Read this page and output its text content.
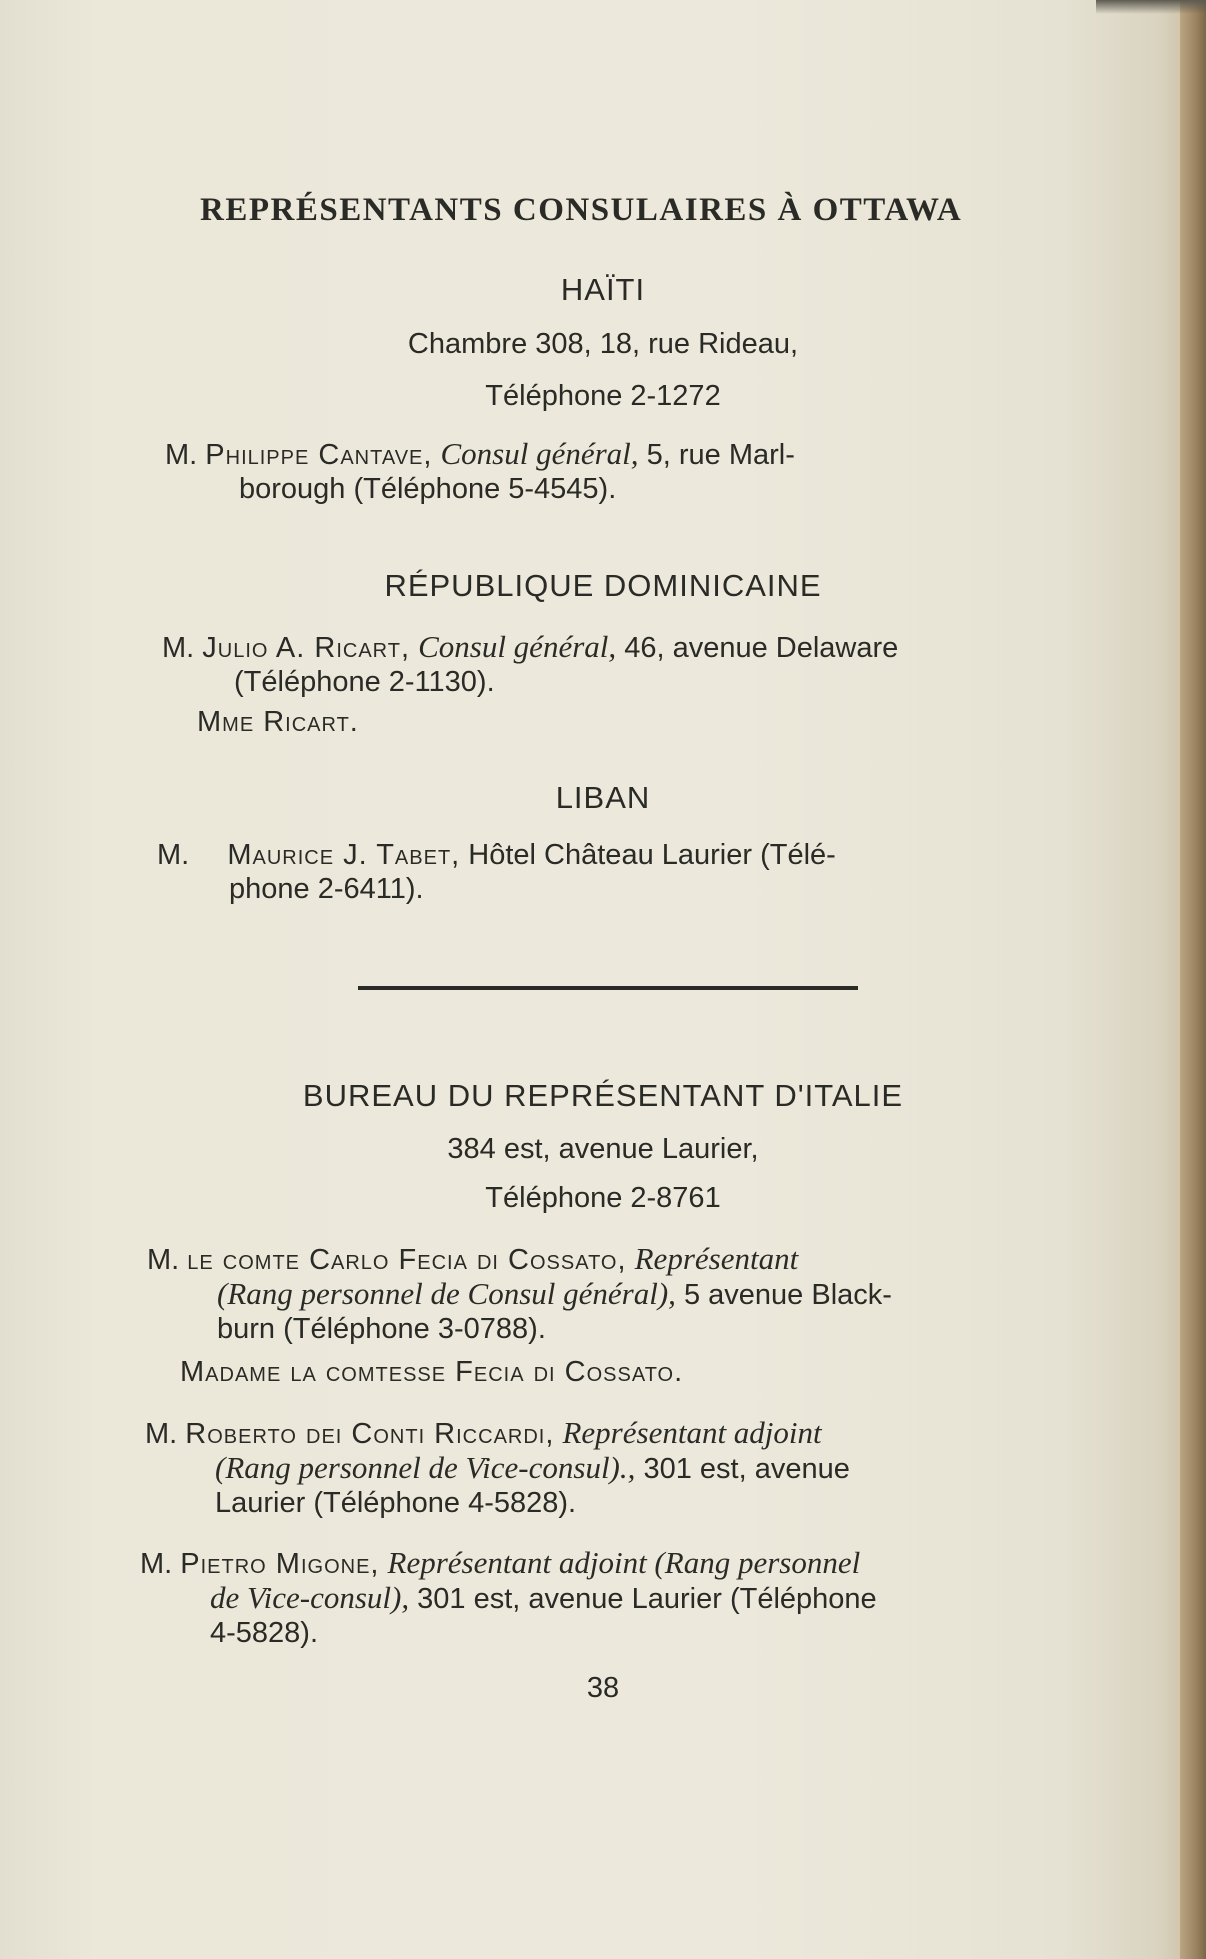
REPRÉSENTANTS CONSULAIRES À OTTAWA
HAÏTI
Chambre 308, 18, rue Rideau,
Téléphone 2-1272
M. Philippe Cantave, Consul général, 5, rue Marl-
borough (Téléphone 5-4545).
RÉPUBLIQUE DOMINICAINE
M. Julio A. Ricart, Consul général, 46, avenue Delaware
(Téléphone 2-1130).
Mme Ricart.
LIBAN
M. Maurice J. Tabet, Hôtel Château Laurier (Télé-
phone 2-6411).
BUREAU DU REPRÉSENTANT D'ITALIE
384 est, avenue Laurier,
Téléphone 2-8761
M. le comte Carlo Fecia di Cossato, Représentant
(Rang personnel de Consul général), 5 avenue Black-
burn (Téléphone 3-0788).
Madame la comtesse Fecia di Cossato.
M. Roberto dei Conti Riccardi, Représentant adjoint
(Rang personnel de Vice-consul)., 301 est, avenue
Laurier (Téléphone 4-5828).
M. Pietro Migone, Représentant adjoint (Rang personnel
de Vice-consul), 301 est, avenue Laurier (Téléphone
4-5828).
38
